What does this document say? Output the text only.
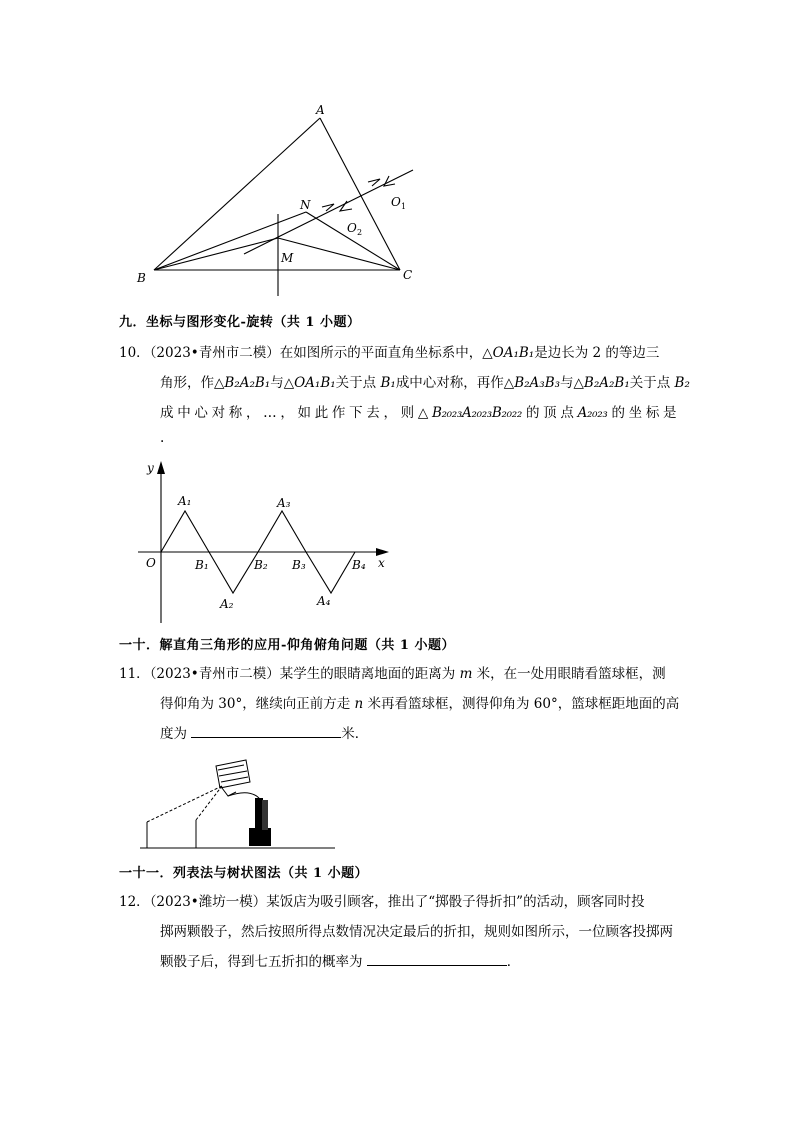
A
B	C
N
M
O
O
1
2
九．坐标与图形变化-旋转（共 1 小题）
10．（2023•青州市二模）在如图所示的平面直角坐标系中，△OA₁B₁是边长为 2 的等边三
角形，作△B₂A₂B₁与△OA₁B₁关于点 B₁成中心对称，再作△B₂A₃B₃与△B₂A₂B₁关于点 B₂
成 中 心 对 称 ， … ， 如 此 作 下 去 ， 则 △ B₂₀₂₃A₂₀₂₃B₂₀₂₂ 的 顶 点 A₂₀₂₃ 的 坐 标 是
.
y
x
O
A₁
A₂
A₃
A₄
B₁	B₂ B₃	B₄
一十．解直角三角形的应用-仰角俯角问题（共 1 小题）
11．（2023•青州市二模）某学生的眼睛离地面的距离为 m 米，在一处用眼睛看篮球框，测
得仰角为 30°，继续向正前方走 n 米再看篮球框，测得仰角为 60°，篮球框距地面的高
度为	米．
一十一．列表法与树状图法（共 1 小题）
12．（2023•潍坊一模）某饭店为吸引顾客，推出了“掷骰子得折扣”的活动，顾客同时投
掷两颗骰子，然后按照所得点数情况决定最后的折扣，规则如图所示，一位顾客投掷两
颗骰子后，得到七五折扣的概率为	．
